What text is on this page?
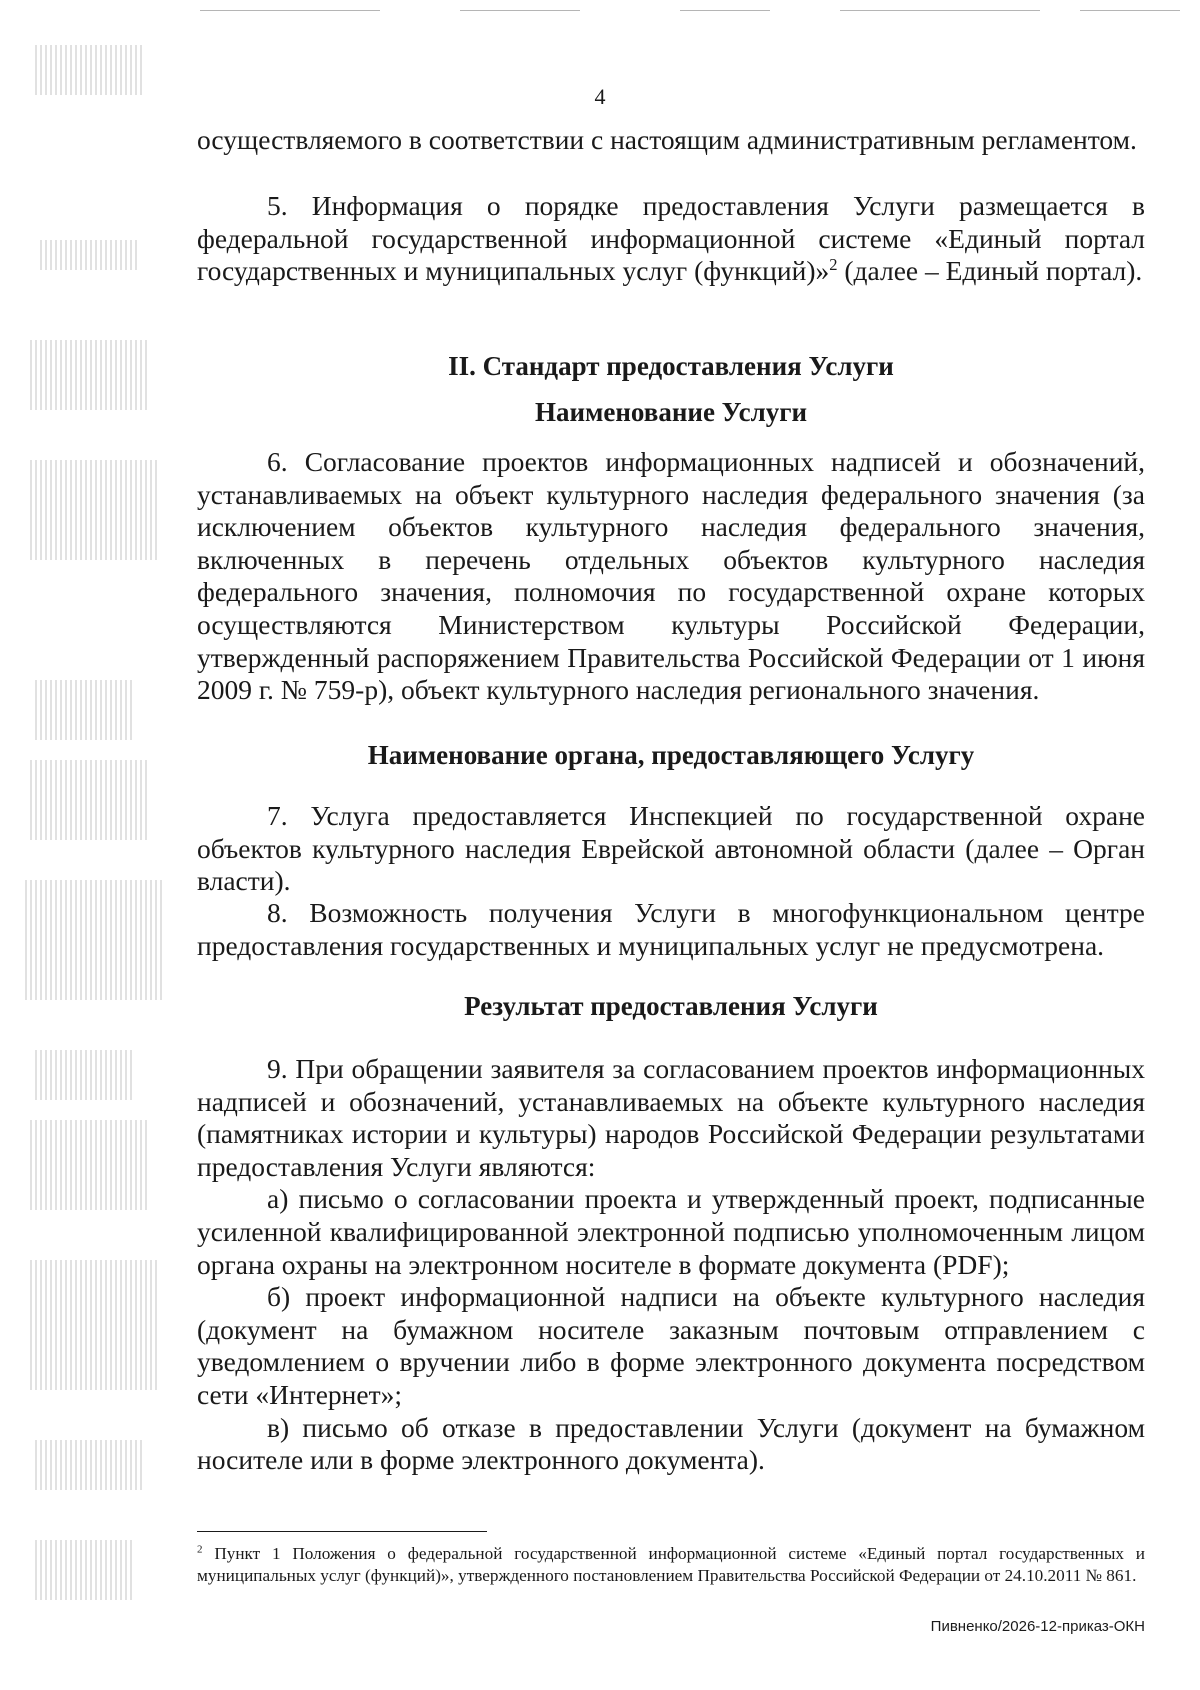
4

осуществляемого в соответствии с настоящим административным регламентом.

5. Информация о порядке предоставления Услуги размещается в федеральной государственной информационной системе «Единый портал государственных и муниципальных услуг (функций)»$^2$ (далее – Единый портал).

II. Стандарт предоставления Услуги
Наименование Услуги

6. Согласование проектов информационных надписей и обозначений, устанавливаемых на объект культурного наследия федерального значения (за исключением объектов культурного наследия федерального значения, включенных в перечень отдельных объектов культурного наследия федерального значения, полномочия по государственной охране которых осуществляются Министерством культуры Российской Федерации, утвержденный распоряжением Правительства Российской Федерации от 1 июня 2009 г. № 759-р), объект культурного наследия регионального значения.

Наименование органа, предоставляющего Услугу

7. Услуга предоставляется Инспекцией по государственной охране объектов культурного наследия Еврейской автономной области (далее – Орган власти).

8. Возможность получения Услуги в многофункциональном центре предоставления государственных и муниципальных услуг не предусмотрена.

Результат предоставления Услуги

9. При обращении заявителя за согласованием проектов информационных надписей и обозначений, устанавливаемых на объекте культурного наследия (памятниках истории и культуры) народов Российской Федерации результатами предоставления Услуги являются:

а) письмо о согласовании проекта и утвержденный проект, подписанные усиленной квалифицированной электронной подписью уполномоченным лицом органа охраны на электронном носителе в формате документа (PDF);

б) проект информационной надписи на объекте культурного наследия (документ на бумажном носителе заказным почтовым отправлением с уведомлением о вручении либо в форме электронного документа посредством сети «Интернет»;

в) письмо об отказе в предоставлении Услуги (документ на бумажном носителе или в форме электронного документа).

$^2$ Пункт 1 Положения о федеральной государственной информационной системе «Единый портал государственных и муниципальных услуг (функций)», утвержденного постановлением Правительства Российской Федерации от 24.10.2011 № 861.
Пивненко/2026-12-приказ-ОКН
